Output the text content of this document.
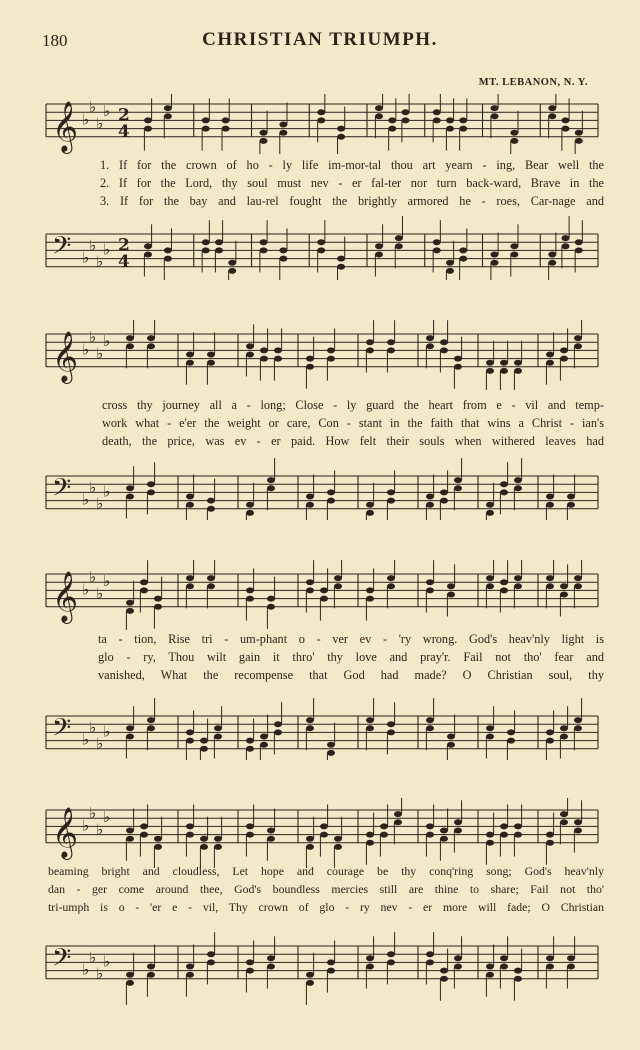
180	CHRISTIAN TRIUMPH.
MT. LEBANON, N. Y.
𝄞 ♭
♭
♭
♭ 2
4
1. If for the crown of ho - ly life im-mor-tal thou art yearn - ing, Bear well the
2. If for the Lord, thy soul must nev - er fal-ter nor turn back-ward, Brave in the
3. If for the bay and lau-rel fought the brightly armored he - roes, Car-nage and
𝄢 ♭
♭
♭
♭ 2
4
𝄞 ♭
♭
♭
♭
cross thy journey all a - long; Close - ly guard the heart from e - vil and temp-
work what - e'er the weight or care, Con - stant in the faith that wins a Christ - ian's
death, the price, was ev - er paid. How felt their souls when withered leaves had
𝄢 ♭
♭
♭
♭
𝄞 ♭
♭
♭
♭
ta - tion, Rise tri - um-phant o - ver ev - 'ry wrong. God's heav'nly light is
glo - ry, Thou wilt gain it thro' thy love and pray'r. Fail not tho' fear and
vanished, What the recompense that God had made? O Christian soul, thy
𝄢 ♭
♭
♭
♭
𝄞 ♭
♭
♭
♭
beaming bright and cloudless, Let hope and courage be thy conq'ring song; God's heav'nly
dan - ger come around thee, God's boundless mercies still are thine to share; Fail not tho'
tri-umph is o - 'er e - vil, Thy crown of glo - ry nev - er more will fade; O Christian
𝄢 ♭
♭
♭
♭
